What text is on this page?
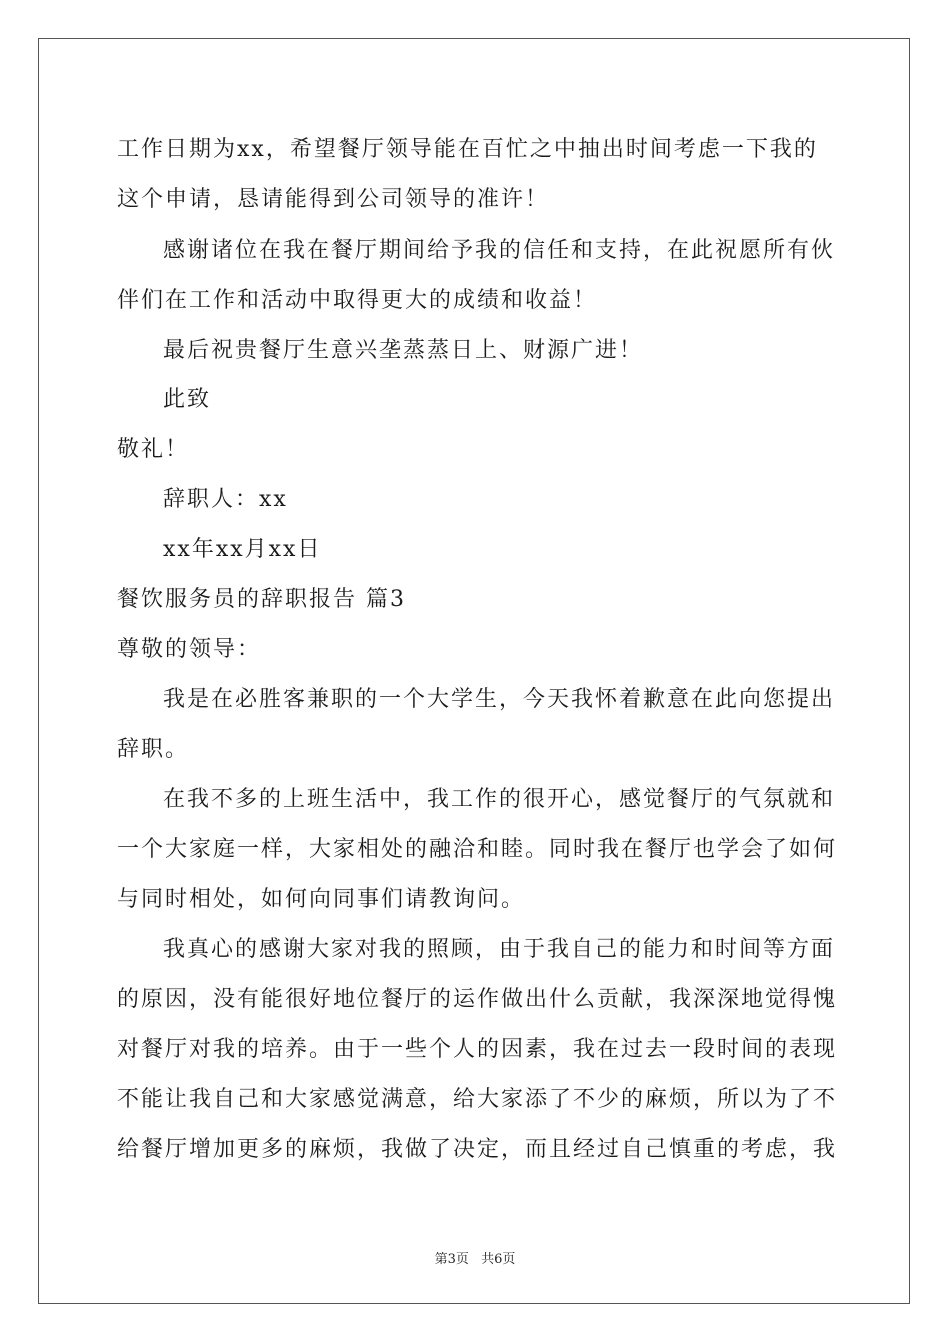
工作日期为xx，希望餐厅领导能在百忙之中抽出时间考虑一下我的
这个申请，恳请能得到公司领导的准许！
感谢诸位在我在餐厅期间给予我的信任和支持，在此祝愿所有伙
伴们在工作和活动中取得更大的成绩和收益！
最后祝贵餐厅生意兴垄蒸蒸日上、财源广进！
此致
敬礼！
辞职人：xx
xx年xx月xx日
餐饮服务员的辞职报告 篇3
尊敬的领导：
我是在必胜客兼职的一个大学生，今天我怀着歉意在此向您提出
辞职。
在我不多的上班生活中，我工作的很开心，感觉餐厅的气氛就和
一个大家庭一样，大家相处的融洽和睦。同时我在餐厅也学会了如何
与同时相处，如何向同事们请教询问。
我真心的感谢大家对我的照顾，由于我自己的能力和时间等方面
的原因，没有能很好地位餐厅的运作做出什么贡献，我深深地觉得愧
对餐厅对我的培养。由于一些个人的因素，我在过去一段时间的表现
不能让我自己和大家感觉满意，给大家添了不少的麻烦，所以为了不
给餐厅增加更多的麻烦，我做了决定，而且经过自己慎重的考虑，我
第3页 共6页
